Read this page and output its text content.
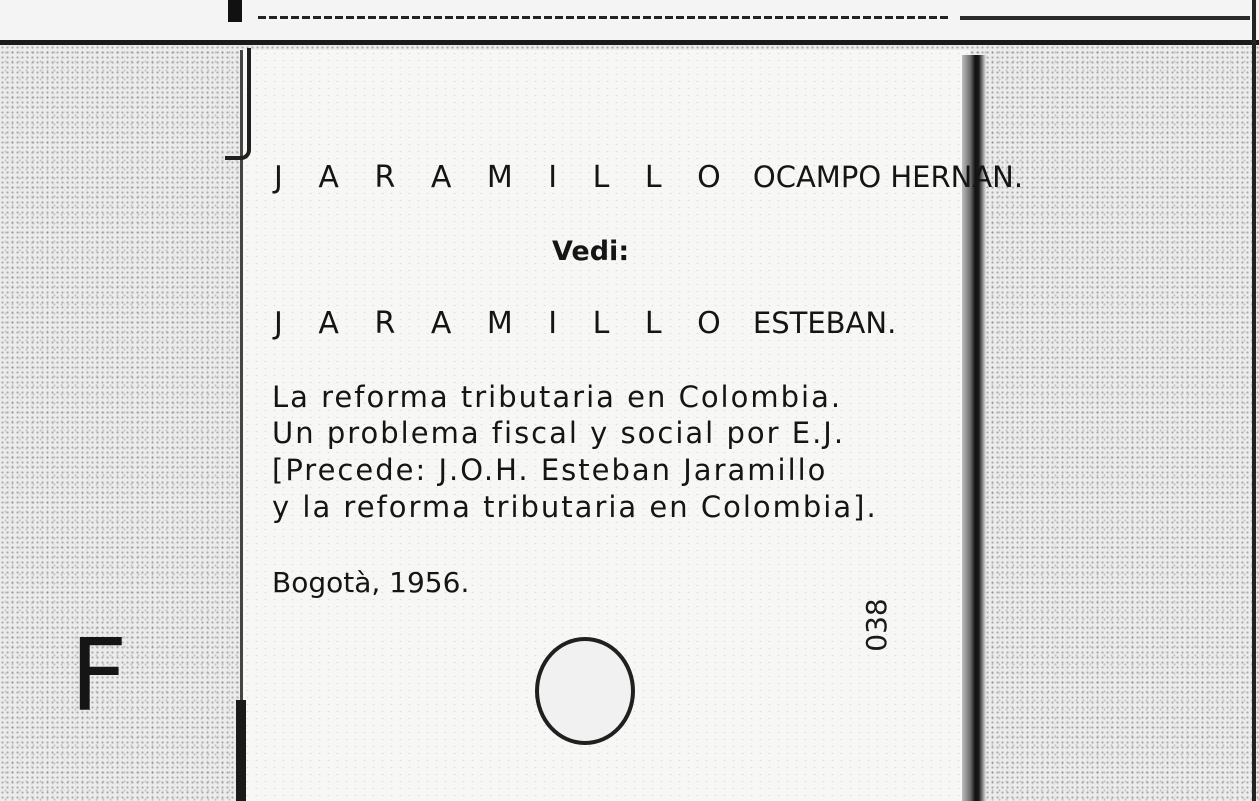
J A R A M I L L O OCAMPO HERNAN.
Vedi:
J A R A M I L L O ESTEBAN.
La reforma tributaria en Colombia.
Un problema fiscal y social por E.J.
[Precede: J.O.H. Esteban Jaramillo
y la reforma tributaria en Colombia].
Bogotà, 1956.
038
F
